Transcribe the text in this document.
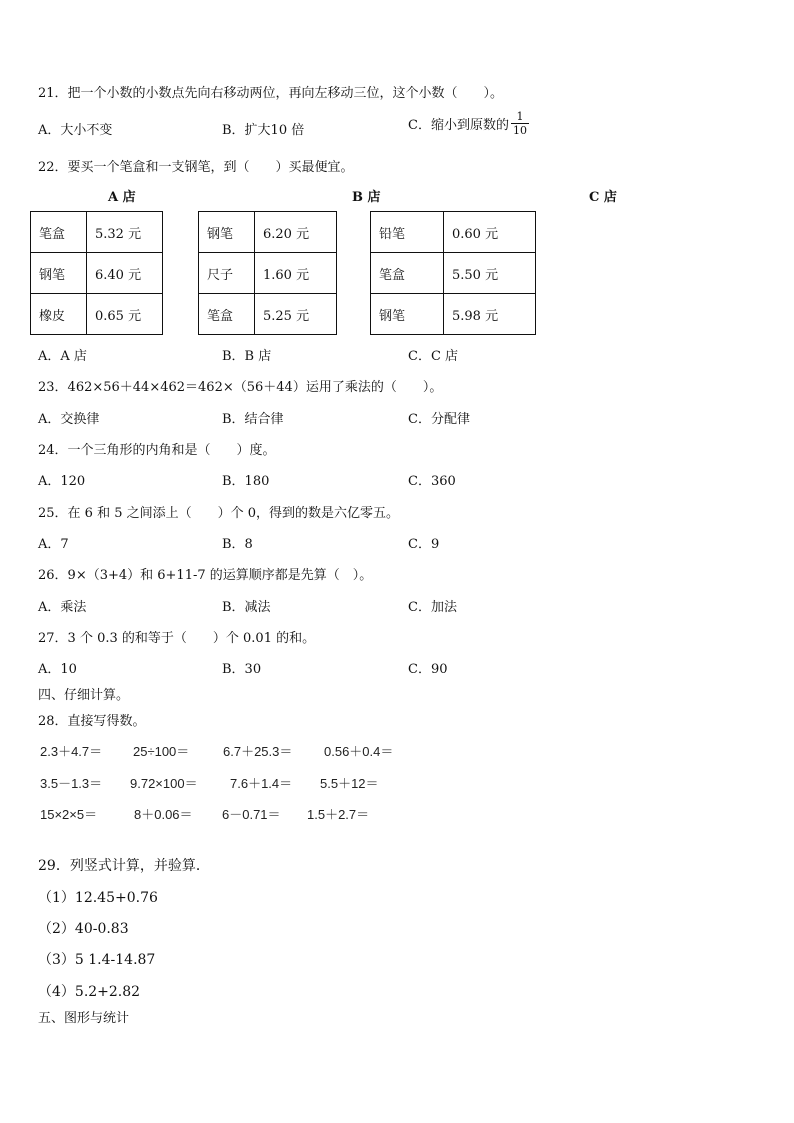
21．把一个小数的小数点先向右移动两位，再向左移动三位，这个小数（　　）。
A．大小不变	B．扩大10 倍	C．缩小到原数的 $\frac{1}{10}$
22．要买一个笔盒和一支钢笔，到（　　）买最便宜。
A 店	B 店	C 店
笔盒	5.32 元
钢笔	6.40 元
橡皮	0.65 元
钢笔	6.20 元
尺子	1.60 元
笔盒	5.25 元
铅笔	0.60 元
笔盒	5.50 元
钢笔	5.98 元
A．A 店	B．B 店	C．C 店
23．462×56＋44×462＝462×（56＋44）运用了乘法的（　　）。
A．交换律	B．结合律	C．分配律
24．一个三角形的内角和是（　　）度。
A．120	B．180	C．360
25．在 6 和 5 之间添上（　　）个 0，得到的数是六亿零五。
A．7	B．8	C．9
26．9×（3+4）和 6+11-7 的运算顺序都是先算（　）。
A．乘法	B．减法	C．加法
27．3 个 0.3 的和等于（　　）个 0.01 的和。
A．10	B．30	C．90
四、仔细计算。
28．直接写得数。
2.3＋4.7＝ 25÷100＝	6.7＋25.3＝ 0.56＋0.4＝
3.5－1.3＝ 9.72×100＝ 7.6＋1.4＝ 5.5＋12＝
15×2×5＝	8＋0.06＝ 6－0.71＝ 1.5＋2.7＝
29．列竖式计算，并验算．
（1）12.45+0.76
（2）40-0.83
（3）5 1.4-14.87
（4）5.2+2.82
五、图形与统计
